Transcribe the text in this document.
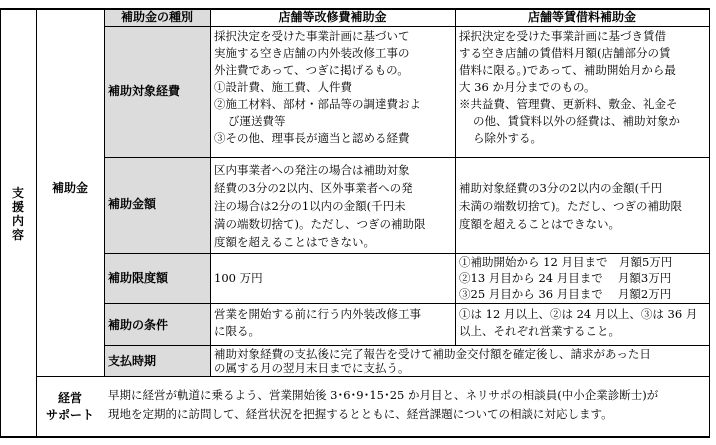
補助金の種別	店舗等改修費補助金	店舗等賃借料補助金
支
援
内
容
補助金
経営
サポート
補助対象経費
補助金額
補助限度額
補助の条件
支払時期
採択決定を受けた事業計画に基づいて
実施する空き店舗の内外装改修工事の
外注費であって、つぎに掲げるもの。
①設計費、施工費、人件費
②施工材料、部材・部品等の調達費およ
び運送費等
③その他、理事長が適当と認める経費
採択決定を受けた事業計画に基づき賃借
する空き店舗の賃借料月額(店舗部分の賃
借料に限る。)であって、補助開始月から最
大 36 か月分までのもの。
※共益費、管理費、更新料、敷金、礼金そ
の他、賃貸料以外の経費は、補助対象か
ら除外する。
区内事業者への発注の場合は補助対象
経費の3分の2以内、区外事業者への発
注の場合は2分の1以内の金額(千円未
満の端数切捨て)。ただし、つぎの補助限
度額を超えることはできない。
補助対象経費の3分の2以内の金額(千円
未満の端数切捨て)。ただし、つぎの補助限
度額を超えることはできない。
100 万円
①補助開始から 12 月目まで　月額5万円
②13 月目から 24 月目まで　 月額3万円
③25 月目から 36 月目まで　 月額2万円
営業を開始する前に行う内外装改修工事
に限る。
①は 12 月以上、②は 24 月以上、③は 36 月
以上、それぞれ営業すること。
補助対象経費の支払後に完了報告を受けて補助金交付額を確定後し、請求があった日
の属する月の翌月末日までに支払う。
早期に経営が軌道に乗るよう、営業開始後 3･6･9･15･25 か月目と、ネリサポの相談員(中小企業診断士)が
現地を定期的に訪問して、経営状況を把握するとともに、経営課題についての相談に対応します。
